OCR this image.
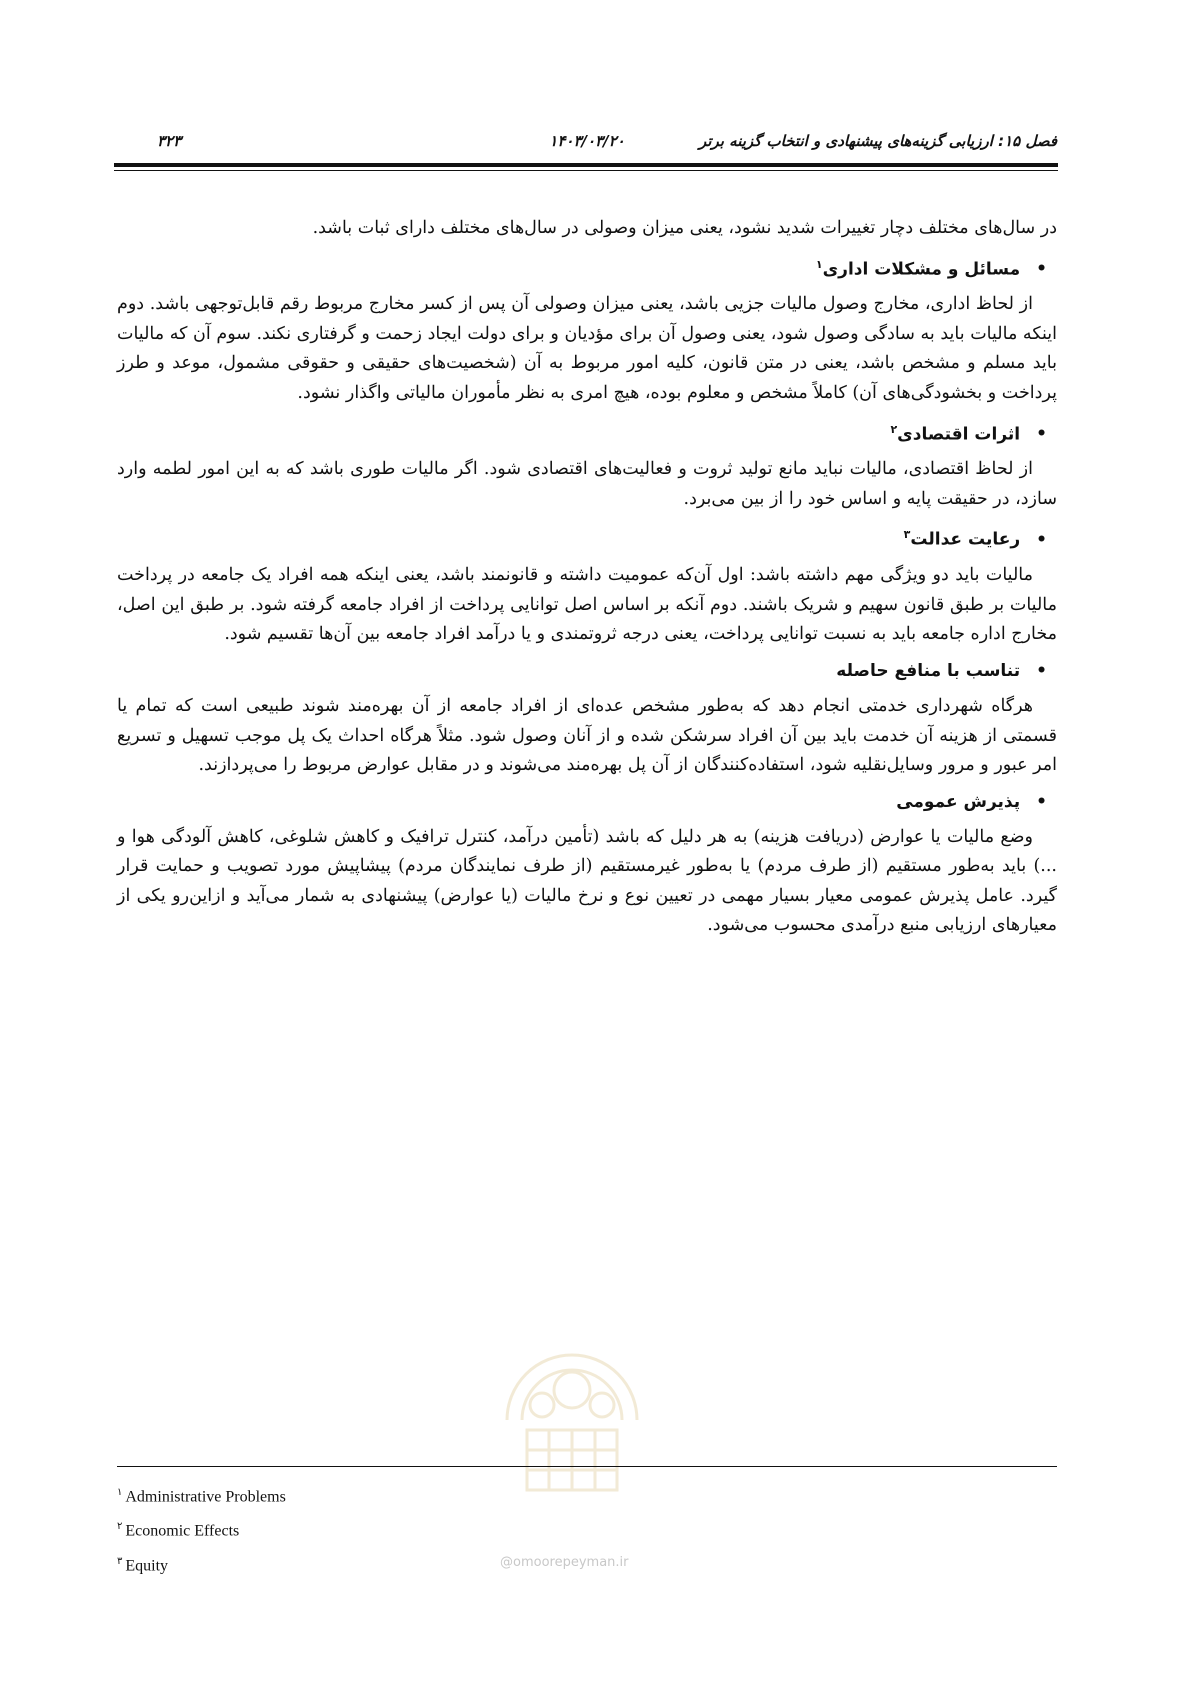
فصل ۱۵: ارزیابی گزینه‌های پیشنهادی و انتخاب گزینه برتر
۱۴۰۳/۰۳/۲۰
۳۲۳

در سال‌های مختلف دچار تغییرات شدید نشود، یعنی میزان وصولی در سال‌های مختلف دارای ثبات باشد.

•مسائل و مشکلات اداری$^۱$

از لحاظ اداری، مخارج وصول مالیات جزیی باشد، یعنی میزان وصولی آن پس از کسر مخارج مربوط رقم قابل‌توجهی باشد. دوم اینکه مالیات باید به سادگی وصول شود، یعنی وصول آن برای مؤدیان و برای دولت ایجاد زحمت و گرفتاری نکند. سوم آن که مالیات باید مسلم و مشخص باشد، یعنی در متن قانون، کلیه امور مربوط به آن (شخصیت‌های حقیقی و حقوقی مشمول، موعد و طرز پرداخت و بخشودگی‌های آن) کاملاً مشخص و معلوم بوده، هیچ امری به نظر مأموران مالیاتی واگذار نشود.

•اثرات اقتصادی$^۲$

از لحاظ اقتصادی، مالیات نباید مانع تولید ثروت و فعالیت‌های اقتصادی شود. اگر مالیات طوری باشد که به این امور لطمه وارد سازد، در حقیقت پایه و اساس خود را از بین می‌برد.

•رعایت عدالت$^۳$

مالیات باید دو ویژگی مهم داشته باشد: اول آن‌که عمومیت داشته و قانونمند باشد، یعنی اینکه همه افراد یک جامعه در پرداخت مالیات بر طبق قانون سهیم و شریک باشند. دوم آنکه بر اساس اصل توانایی پرداخت از افراد جامعه گرفته شود. بر طبق این اصل، مخارج اداره جامعه باید به نسبت توانایی پرداخت، یعنی درجه ثروتمندی و یا درآمد افراد جامعه بین آن‌ها تقسیم شود.

•تناسب با منافع حاصله

هرگاه شهرداری خدمتی انجام دهد که به‌طور مشخص عده‌ای از افراد جامعه از آن بهره‌مند شوند طبیعی است که تمام یا قسمتی از هزینه آن خدمت باید بین آن افراد سرشکن شده و از آنان وصول شود. مثلاً هرگاه احداث یک پل موجب تسهیل و تسریع امر عبور و مرور وسایل‌نقلیه شود، استفاده‌کنندگان از آن پل بهره‌مند می‌شوند و در مقابل عوارض مربوط را می‌پردازند.

•پذیرش عمومی

وضع مالیات یا عوارض (دریافت هزینه) به هر دلیل که باشد (تأمین درآمد، کنترل ترافیک و کاهش شلوغی، کاهش آلودگی هوا و ...) باید به‌طور مستقیم (از طرف مردم) یا به‌طور غیرمستقیم (از طرف نمایندگان مردم) پیشاپیش مورد تصویب و حمایت قرار گیرد. عامل پذیرش عمومی معیار بسیار مهمی در تعیین نوع و نرخ مالیات (یا عوارض) پیشنهادی به شمار می‌آید و ازاین‌رو یکی از معیارهای ارزیابی منبع درآمدی محسوب می‌شود.

@omoorepeyman.ir
$^۱$ Administrative Problems
$^۲$ Economic Effects
$^۳$ Equity
